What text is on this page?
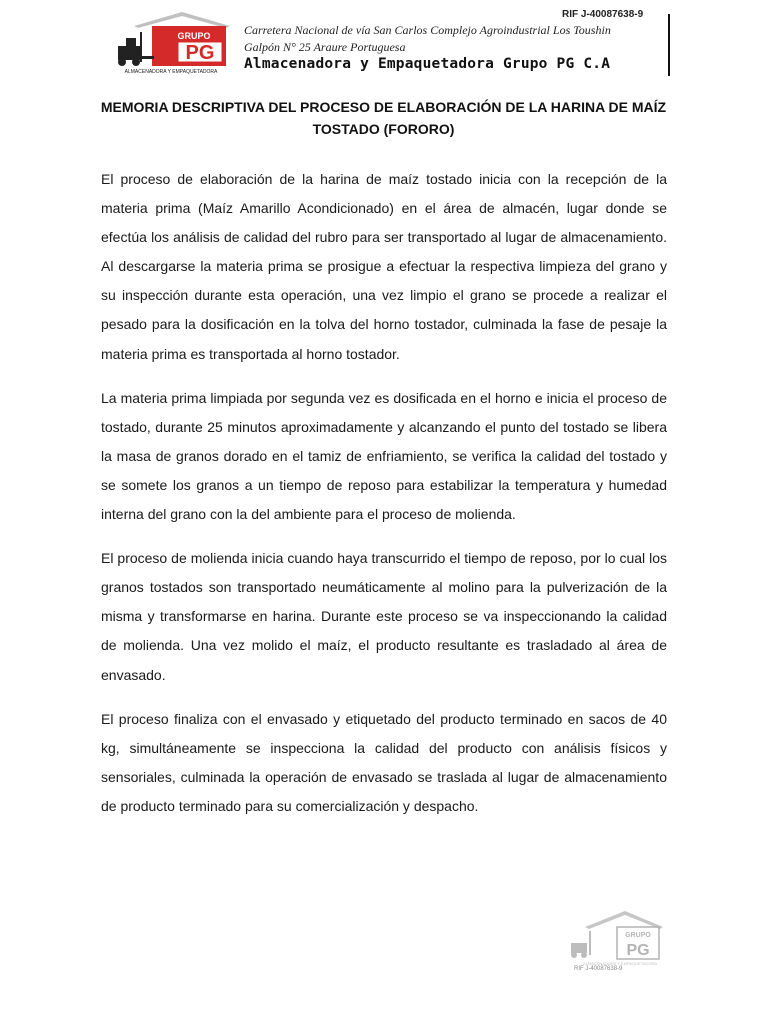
RIF J-40087638-9
GRUPO
PG
ALMACENADORA Y EMPAQUETADORA
Carretera Nacional de vía San Carlos Complejo Agroindustrial Los Toushin
Galpón N° 25 Araure Portuguesa
Almacenadora y Empaquetadora Grupo PG C.A
MEMORIA DESCRIPTIVA DEL PROCESO DE ELABORACIÓN DE LA HARINA DE MAÍZ TOSTADO (FORORO)

El proceso de elaboración de la harina de maíz tostado inicia con la recepción de la materia prima (Maíz Amarillo Acondicionado) en el área de almacén, lugar donde se efectúa los análisis de calidad del rubro para ser transportado al lugar de almacenamiento. Al descargarse la materia prima se prosigue a efectuar la respectiva limpieza del grano y su inspección durante esta operación, una vez limpio el grano se procede a realizar el pesado para la dosificación en la tolva del horno tostador, culminada la fase de pesaje la materia prima es transportada al horno tostador.

La materia prima limpiada por segunda vez es dosificada en el horno e inicia el proceso de tostado, durante 25 minutos aproximadamente y alcanzando el punto del tostado se libera la masa de granos dorado en el tamiz de enfriamiento, se verifica la calidad del tostado y se somete los granos a un tiempo de reposo para estabilizar la temperatura y humedad interna del grano con la del ambiente para el proceso de molienda.

El proceso de molienda inicia cuando haya transcurrido el tiempo de reposo, por lo cual los granos tostados son transportado neumáticamente al molino para la pulverización de la misma y transformarse en harina. Durante este proceso se va inspeccionando la calidad de molienda. Una vez molido el maíz, el producto resultante es trasladado al área de envasado.

El proceso finaliza con el envasado y etiquetado del producto terminado en sacos de 40 kg, simultáneamente se inspecciona la calidad del producto con análisis físicos y sensoriales, culminada la operación de envasado se traslada al lugar de almacenamiento de producto terminado para su comercialización y despacho.

GRUPO
PG
ALMACENADORA Y EMPAQUETADORA
RIF J-40087638-9
